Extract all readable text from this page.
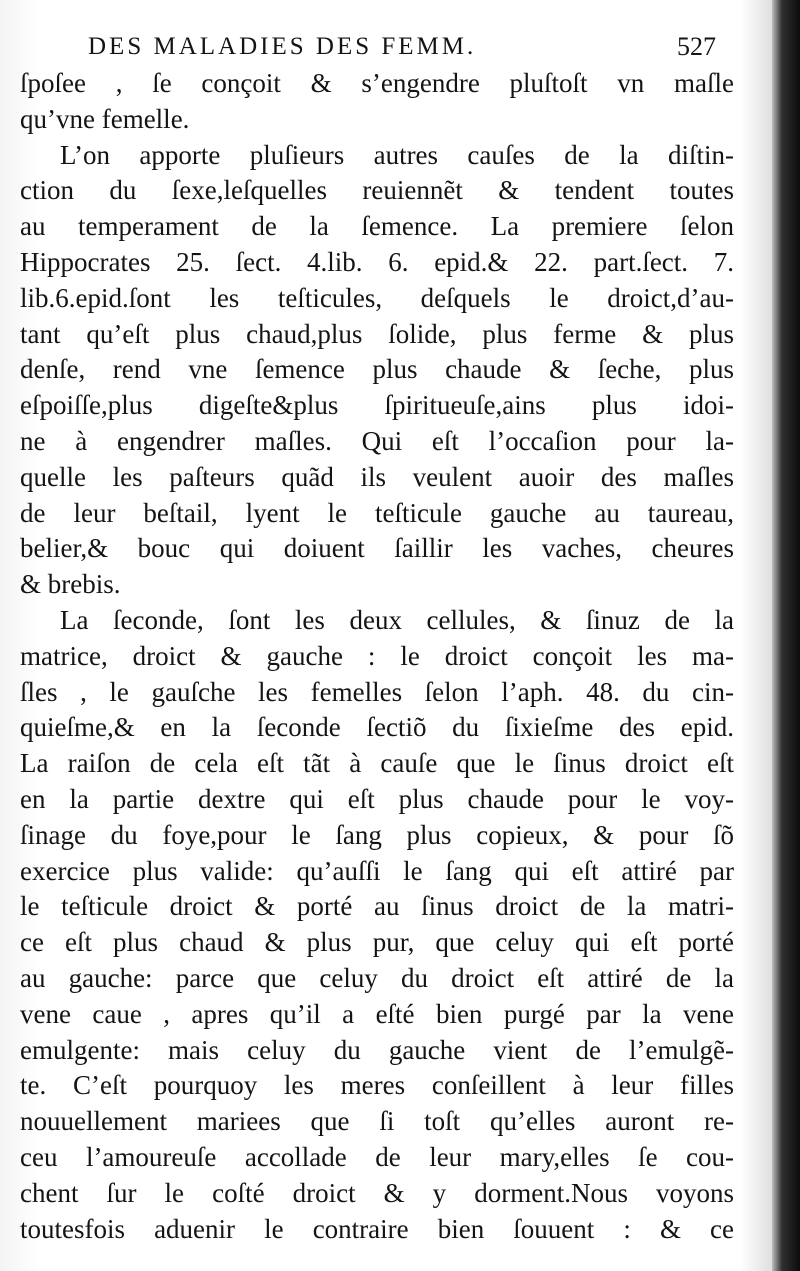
DES MALADIES DES FEMM.	527
ſpoſee , ſe conçoit & s’engendre pluſtoſt vn maſle
qu’vne femelle.
L’on apporte pluſieurs autres cauſes de la diſtin-
ction du ſexe,leſquelles reuiennẽt & tendent toutes
au temperament de la ſemence. La premiere ſelon
Hippocrates 25. ſect. 4.lib. 6. epid.& 22. part.ſect. 7.
lib.6.epid.ſont les teſticules, deſquels le droict,d’au-
tant qu’eſt plus chaud,plus ſolide, plus ferme & plus
denſe, rend vne ſemence plus chaude & ſeche, plus
eſpoiſſe,plus digeſte&plus ſpiritueuſe,ains plus idoi-
ne à engendrer maſles. Qui eſt l’occaſion pour la-
quelle les paſteurs quãd ils veulent auoir des maſles
de leur beſtail, lyent le teſticule gauche au taureau,
belier,& bouc qui doiuent ſaillir les vaches, cheures
& brebis.
La ſeconde, ſont les deux cellules, & ſinuz de la
matrice, droict & gauche : le droict conçoit les ma-
ſles , le gauſche les femelles ſelon l’aph. 48. du cin-
quieſme,& en la ſeconde ſectiõ du ſixieſme des epid.
La raiſon de cela eſt tãt à cauſe que le ſinus droict eſt
en la partie dextre qui eſt plus chaude pour le voy-
ſinage du foye,pour le ſang plus copieux, & pour ſõ
exercice plus valide: qu’auſſi le ſang qui eſt attiré par
le teſticule droict & porté au ſinus droict de la matri-
ce eſt plus chaud & plus pur, que celuy qui eſt porté
au gauche: parce que celuy du droict eſt attiré de la
vene caue , apres qu’il a eſté bien purgé par la vene
emulgente: mais celuy du gauche vient de l’emulgẽ-
te. C’eſt pourquoy les meres conſeillent à leur filles
nouuellement mariees que ſi toſt qu’elles auront re-
ceu l’amoureuſe accollade de leur mary,elles ſe cou-
chent ſur le coſté droict & y dorment.Nous voyons
toutesfois aduenir le contraire bien ſouuent : & ce
